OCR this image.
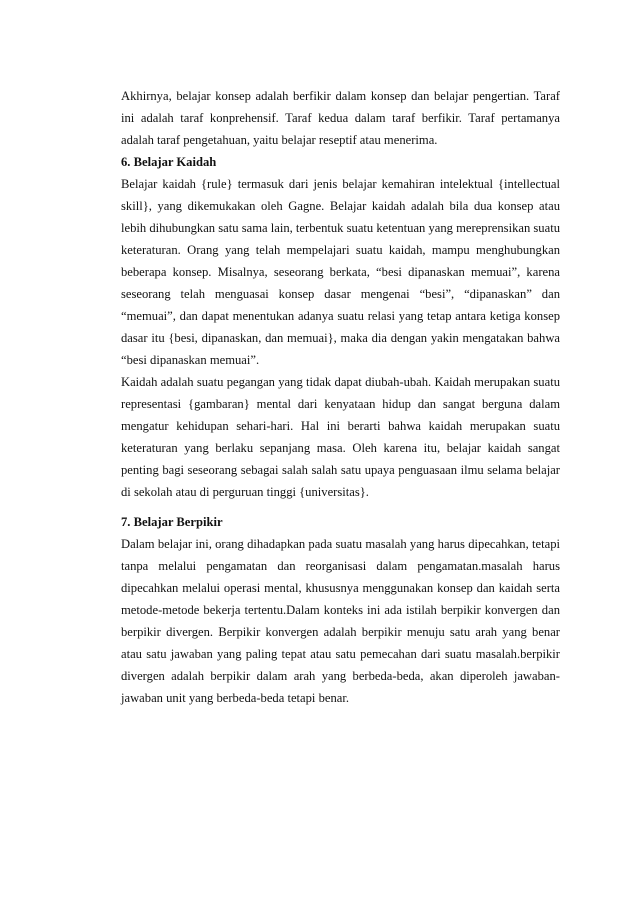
Akhirnya, belajar konsep adalah berfikir dalam konsep dan belajar pengertian. Taraf ini adalah taraf konprehensif. Taraf kedua dalam taraf berfikir. Taraf pertamanya adalah taraf pengetahuan, yaitu belajar reseptif atau menerima.

6. Belajar Kaidah

Belajar kaidah {rule} termasuk dari jenis belajar kemahiran intelektual {intellectual skill}, yang dikemukakan oleh Gagne. Belajar kaidah adalah bila dua konsep atau lebih dihubungkan satu sama lain, terbentuk suatu ketentuan yang mereprensikan suatu keteraturan. Orang yang telah mempelajari suatu kaidah, mampu menghubungkan beberapa konsep. Misalnya, seseorang berkata, “besi dipanaskan memuai”, karena seseorang telah menguasai konsep dasar mengenai “besi”, “dipanaskan” dan “memuai”, dan dapat menentukan adanya suatu relasi yang tetap antara ketiga konsep dasar itu {besi, dipanaskan, dan memuai}, maka dia dengan yakin mengatakan bahwa “besi dipanaskan memuai”.

Kaidah adalah suatu pegangan yang tidak dapat diubah-ubah. Kaidah merupakan suatu representasi {gambaran} mental dari kenyataan hidup dan sangat berguna dalam mengatur kehidupan sehari-hari. Hal ini berarti bahwa kaidah merupakan suatu keteraturan yang berlaku sepanjang masa. Oleh karena itu, belajar kaidah sangat penting bagi seseorang sebagai salah salah satu upaya penguasaan ilmu selama belajar di sekolah atau di perguruan tinggi {universitas}.

7. Belajar Berpikir

Dalam belajar ini, orang dihadapkan pada suatu masalah yang harus dipecahkan, tetapi tanpa melalui pengamatan dan reorganisasi dalam pengamatan.masalah harus dipecahkan melalui operasi mental, khususnya menggunakan konsep dan kaidah serta metode-metode bekerja tertentu.Dalam konteks ini ada istilah berpikir konvergen dan berpikir divergen. Berpikir konvergen adalah berpikir menuju satu arah yang benar atau satu jawaban yang paling tepat atau satu pemecahan dari suatu masalah.berpikir divergen adalah berpikir dalam arah yang berbeda-beda, akan diperoleh jawaban-jawaban unit yang berbeda-beda tetapi benar.
